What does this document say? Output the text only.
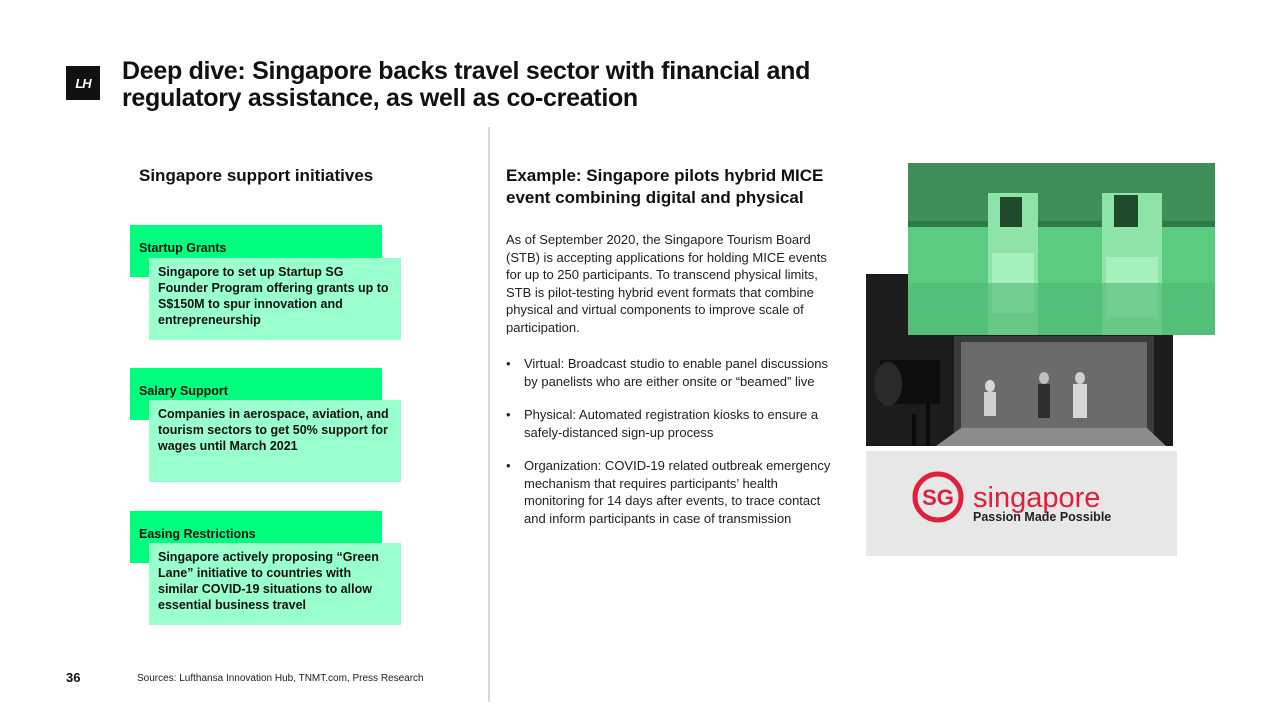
LH Deep dive: Singapore backs travel sector with financial and regulatory assistance, as well as co-creation
Singapore support initiatives
Startup Grants
Singapore to set up Startup SG Founder Program offering grants up to S$150M to spur innovation and entrepreneurship
Salary Support
Companies in aerospace, aviation, and tourism sectors to get 50% support for wages until March 2021
Easing Restrictions
Singapore actively proposing “Green Lane” initiative to countries with similar COVID-19 situations to allow essential business travel
Example: Singapore pilots hybrid MICE event combining digital and physical
As of September 2020, the Singapore Tourism Board (STB) is accepting applications for holding MICE events for up to 250 participants. To transcend physical limits, STB is pilot-testing hybrid event formats that combine physical and virtual components to improve scale of participation.
• Virtual: Broadcast studio to enable panel discussions by panelists who are either onsite or “beamed” live
• Physical: Automated registration kiosks to ensure a safely-distanced sign-up process
• Organization: COVID-19 related outbreak emergency mechanism that requires participants’ health monitoring for 14 days after events, to trace contact and inform participants in case of transmission
SG singapore
Passion Made Possible
36	Sources: Lufthansa Innovation Hub, TNMT.com, Press Research
